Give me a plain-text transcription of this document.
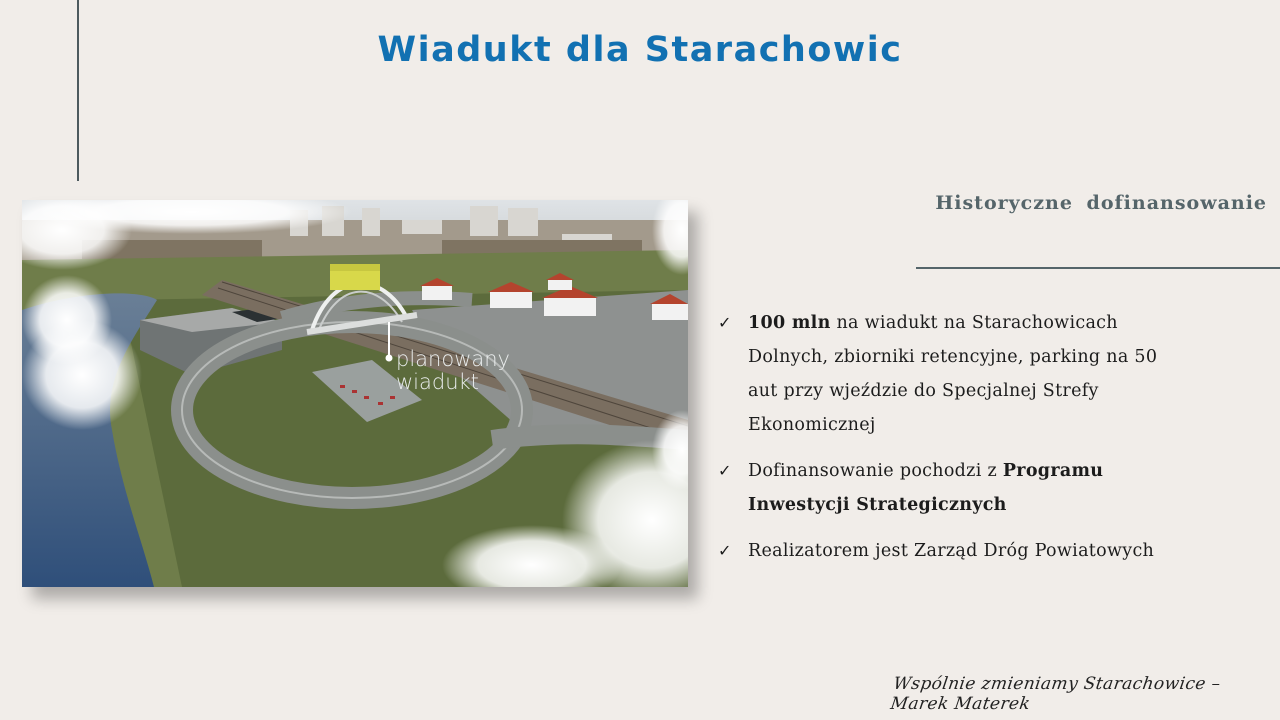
Wiadukt dla Starachowic
Historyczne dofinansowanie
planowany
wiadukt
✓ 100 mln na wiadukt na Starachowicach Dolnych, zbiorniki retencyjne, parking na 50 aut przy wjeździe do Specjalnej Strefy Ekonomicznej
✓ Dofinansowanie pochodzi z Programu Inwestycji Strategicznych
✓ Realizatorem jest Zarząd Dróg Powiatowych
Wspólnie zmieniamy Starachowice – Marek Materek
